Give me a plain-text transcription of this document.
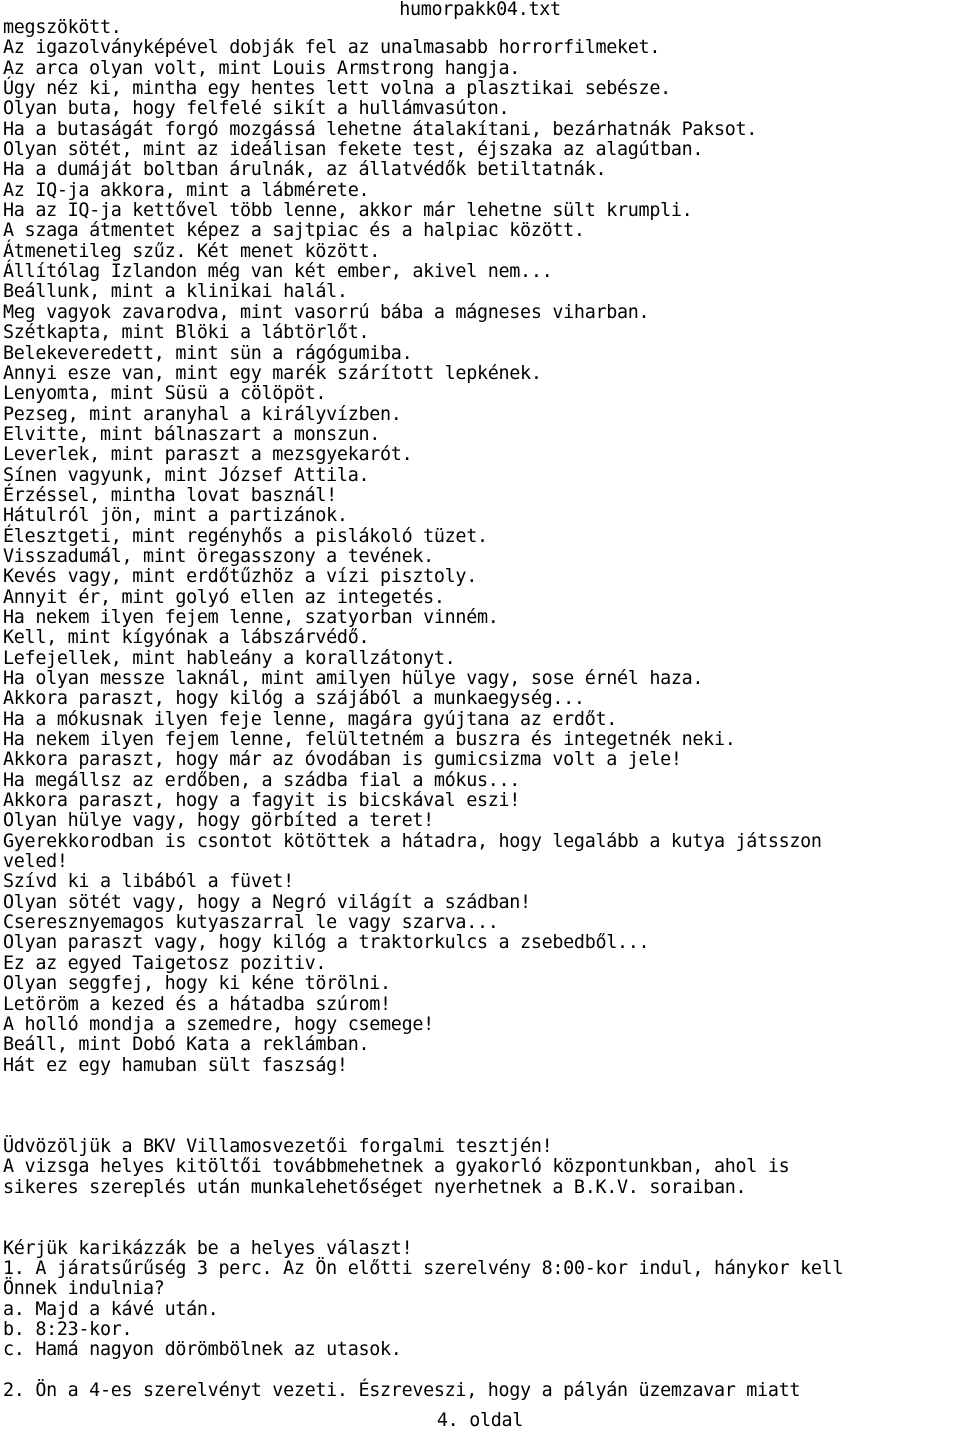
humorpakk04.txt
megszökött.
Az igazolványképével dobják fel az unalmasabb horrorfilmeket.
Az arca olyan volt, mint Louis Armstrong hangja.
Úgy néz ki, mintha egy hentes lett volna a plasztikai sebésze.
Olyan buta, hogy felfelé sikít a hullámvasúton.
Ha a butaságát forgó mozgássá lehetne átalakítani, bezárhatnák Paksot.
Olyan sötét, mint az ideálisan fekete test, éjszaka az alagútban.
Ha a dumáját boltban árulnák, az állatvédők betiltatnák.
Az IQ-ja akkora, mint a lábmérete.
Ha az IQ-ja kettővel több lenne, akkor már lehetne sült krumpli.
A szaga átmentet képez a sajtpiac és a halpiac között.
Átmenetileg szűz. Két menet között.
Állítólag Izlandon még van két ember, akivel nem...
Beállunk, mint a klinikai halál.
Meg vagyok zavarodva, mint vasorrú bába a mágneses viharban.
Szétkapta, mint Blöki a lábtörlőt.
Belekeveredett, mint sün a rágógumiba.
Annyi esze van, mint egy marék szárított lepkének.
Lenyomta, mint Süsü a cölöpöt.
Pezseg, mint aranyhal a királyvízben.
Elvitte, mint bálnaszart a monszun.
Leverlek, mint paraszt a mezsgyekarót.
Sínen vagyunk, mint József Attila.
Érzéssel, mintha lovat basznál!
Hátulról jön, mint a partizánok.
Élesztgeti, mint regényhős a pislákoló tüzet.
Visszadumál, mint öregasszony a tevének.
Kevés vagy, mint erdőtűzhöz a vízi pisztoly.
Annyit ér, mint golyó ellen az integetés.
Ha nekem ilyen fejem lenne, szatyorban vinném.
Kell, mint kígyónak a lábszárvédő.
Lefejellek, mint hableány a korallzátonyt.
Ha olyan messze laknál, mint amilyen hülye vagy, sose érnél haza.
Akkora paraszt, hogy kilóg a szájából a munkaegység...
Ha a mókusnak ilyen feje lenne, magára gyújtana az erdőt.
Ha nekem ilyen fejem lenne, felültetném a buszra és integetnék neki.
Akkora paraszt, hogy már az óvodában is gumicsizma volt a jele!
Ha megállsz az erdőben, a szádba fial a mókus...
Akkora paraszt, hogy a fagyit is bicskával eszi!
Olyan hülye vagy, hogy görbíted a teret!
Gyerekkorodban is csontot kötöttek a hátadra, hogy legalább a kutya játsszon
veled!
Szívd ki a libából a füvet!
Olyan sötét vagy, hogy a Negró világít a szádban!
Cseresznyemagos kutyaszarral le vagy szarva...
Olyan paraszt vagy, hogy kilóg a traktorkulcs a zsebedből...
Ez az egyed Taigetosz pozitiv.
Olyan seggfej, hogy ki kéne törölni.
Letöröm a kezed és a hátadba szúrom!
A holló mondja a szemedre, hogy csemege!
Beáll, mint Dobó Kata a reklámban.
Hát ez egy hamuban sült faszság!
Üdvözöljük a BKV Villamosvezetői forgalmi tesztjén!
A vizsga helyes kitöltői továbbmehetnek a gyakorló központunkban, ahol is
sikeres szereplés után munkalehetőséget nyerhetnek a B.K.V. soraiban.
Kérjük karikázzák be a helyes választ!
1. A járatsűrűség 3 perc. Az Ön előtti szerelvény 8:00-kor indul, hánykor kell
Önnek indulnia?
a. Majd a kávé után.
b. 8:23-kor.
c. Hamá nagyon dörömbölnek az utasok.
2. Ön a 4-es szerelvényt vezeti. Észreveszi, hogy a pályán üzemzavar miatt
4. oldal
